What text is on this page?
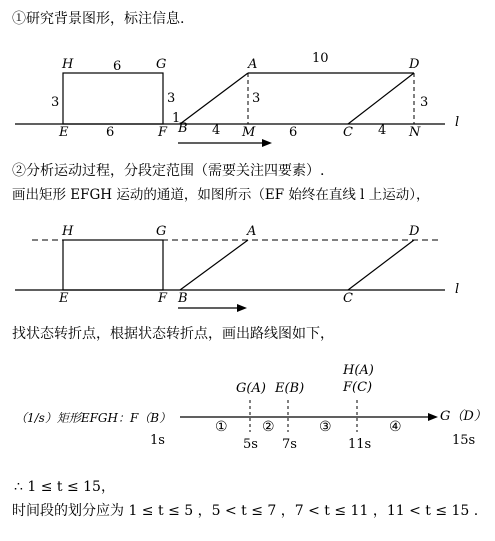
①研究背景图形，标注信息.
②分析运动过程，分段定范围（需要关注四要素）.
画出矩形 EFGH 运动的通道，如图所示（EF 始终在直线 l 上运动），
找状态转折点，根据状态转折点，画出路线图如下，
∴ 1 ≤ t ≤ 15，
时间段的划分应为 1 ≤ t ≤ 5 ，5 < t ≤ 7 ，7 < t ≤ 11 ，11 < t ≤ 15 .
H	G	A	D
E	F B	M	C	N
l
6
10
3	3	3	3
6
1
4	6	4
H	G	A	D
E	F B	C
l
（1/s）矩形EFGH：F（B）	G（D）
G(A) E(B)
H(A)
F(C)
1s	5s 7s	11s	15s
① ②	③	④
